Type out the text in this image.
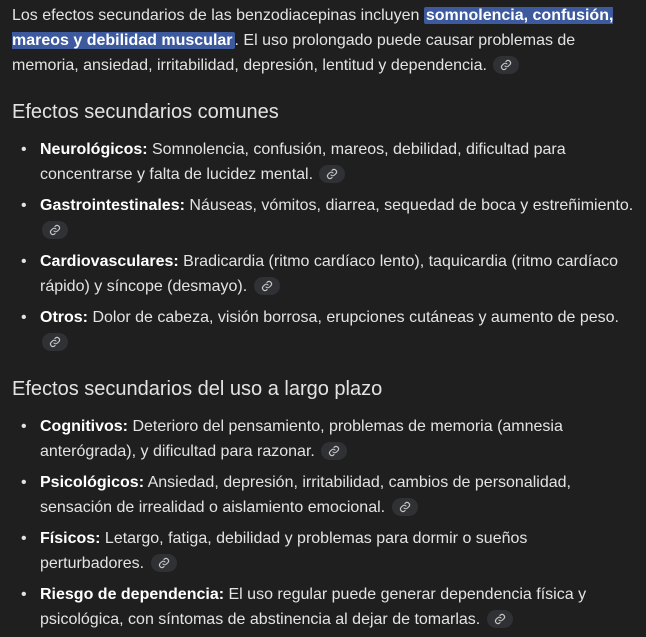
Los efectos secundarios de las benzodiacepinas incluyen somnolencia, confusión, mareos y debilidad muscular . El uso prolongado puede causar problemas de memoria, ansiedad, irritabilidad, depresión, lentitud y dependencia.

Efectos secundarios comunes
• Neurológicos: Somnolencia, confusión, mareos, debilidad, dificultad para concentrarse y falta de lucidez mental.
• Gastrointestinales: Náuseas, vómitos, diarrea, sequedad de boca y estreñimiento.
• Cardiovasculares: Bradicardia (ritmo cardíaco lento), taquicardia (ritmo cardíaco rápido) y síncope (desmayo).
• Otros: Dolor de cabeza, visión borrosa, erupciones cutáneas y aumento de peso.
Efectos secundarios del uso a largo plazo
• Cognitivos: Deterioro del pensamiento, problemas de memoria (amnesia anterógrada), y dificultad para razonar.
• Psicológicos: Ansiedad, depresión, irritabilidad, cambios de personalidad, sensación de irrealidad o aislamiento emocional.
• Físicos: Letargo, fatiga, debilidad y problemas para dormir o sueños perturbadores.
• Riesgo de dependencia: El uso regular puede generar dependencia física y psicológica, con síntomas de abstinencia al dejar de tomarlas.
